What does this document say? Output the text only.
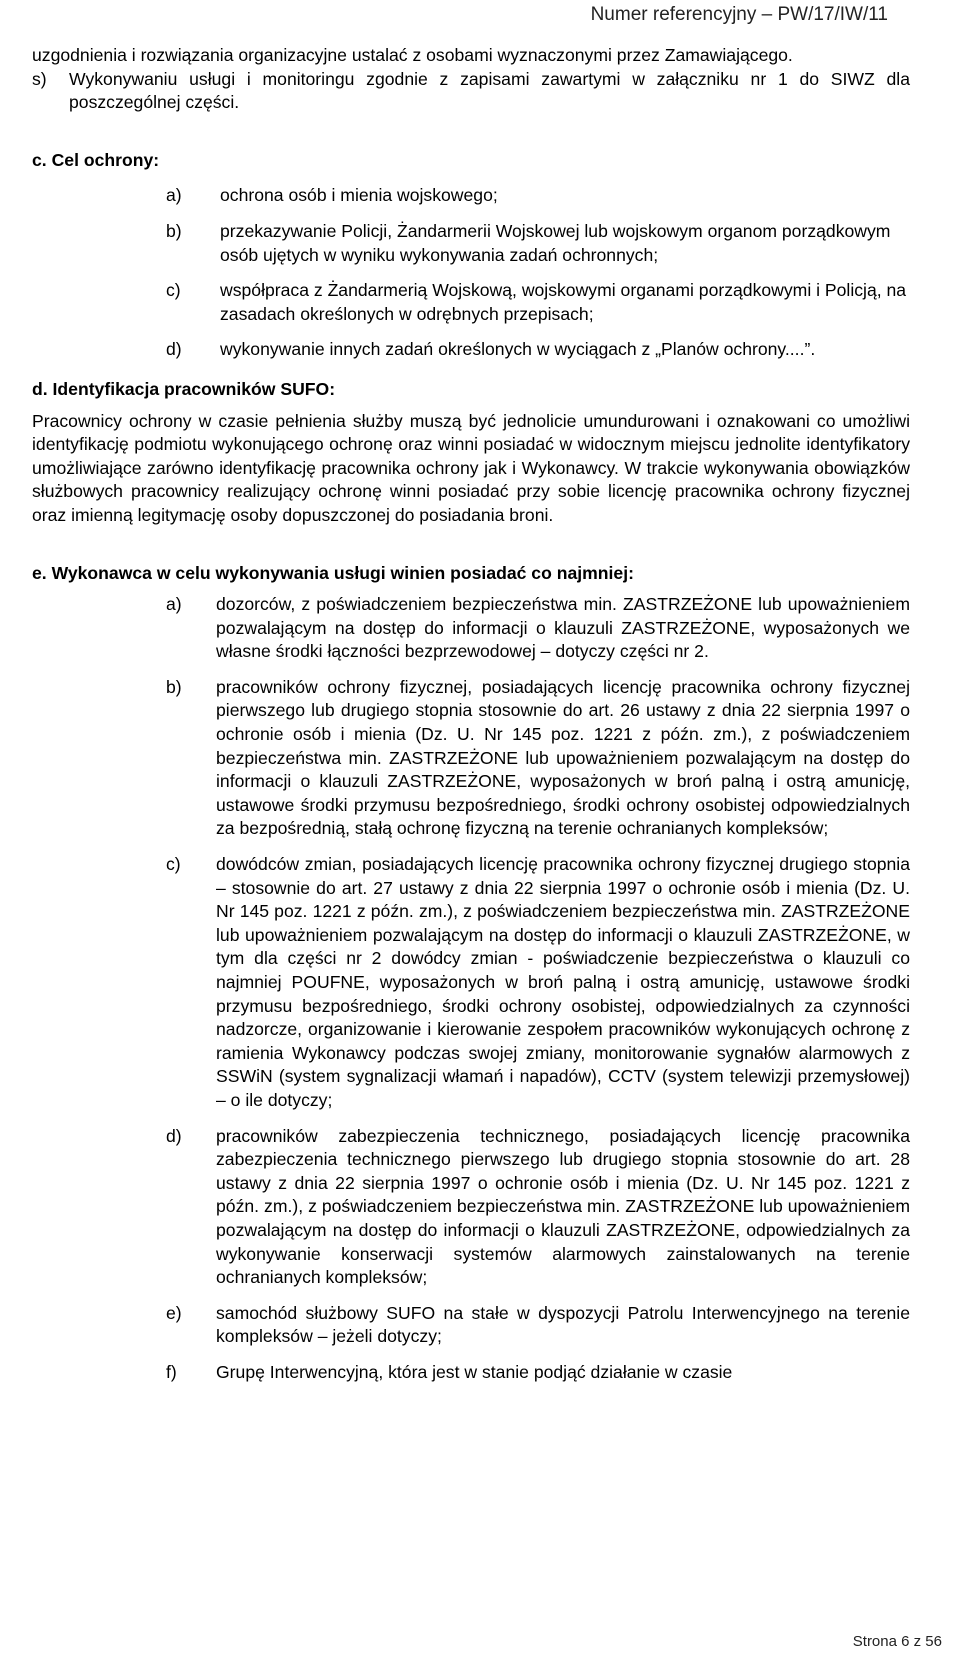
Numer referencyjny – PW/17/IW/11

uzgodnienia i rozwiązania organizacyjne ustalać z osobami wyznaczonymi przez Zamawiającego.

s)	Wykonywaniu usługi i monitoringu zgodnie z zapisami zawartymi w załączniku nr 1 do SIWZ dla poszczególnej części.
c. Cel ochrony:
a)	ochrona osób i mienia wojskowego;
b)	przekazywanie Policji, Żandarmerii Wojskowej lub wojskowym organom porządkowym osób ujętych w wyniku wykonywania zadań ochronnych;
c)	współpraca z Żandarmerią Wojskową, wojskowymi organami porządkowymi i Policją, na zasadach określonych w odrębnych przepisach;
d)	wykonywanie innych zadań określonych w wyciągach z „Planów ochrony....”.
d. Identyfikacja pracowników SUFO:

Pracownicy ochrony w czasie pełnienia służby muszą być jednolicie umundurowani i oznakowani co umożliwi identyfikację podmiotu wykonującego ochronę oraz winni posiadać w widocznym miejscu jednolite identyfikatory umożliwiające zarówno identyfikację pracownika ochrony jak i Wykonawcy. W trakcie wykonywania obowiązków służbowych pracownicy realizujący ochronę winni posiadać przy sobie licencję pracownika ochrony fizycznej oraz imienną legitymację osoby dopuszczonej do posiadania broni.

e. Wykonawca w celu wykonywania usługi winien posiadać co najmniej:
a)	dozorców, z poświadczeniem bezpieczeństwa min. ZASTRZEŻONE lub upoważnieniem pozwalającym na dostęp do informacji o klauzuli ZASTRZEŻONE, wyposażonych we własne środki łączności bezprzewodowej – dotyczy części nr 2.
b)	pracowników ochrony fizycznej, posiadających licencję pracownika ochrony fizycznej pierwszego lub drugiego stopnia stosownie do art. 26 ustawy z dnia 22 sierpnia 1997 o ochronie osób i mienia (Dz. U. Nr 145 poz. 1221 z późn. zm.), z poświadczeniem bezpieczeństwa min. ZASTRZEŻONE lub upoważnieniem pozwalającym na dostęp do informacji o klauzuli ZASTRZEŻONE, wyposażonych w broń palną i ostrą amunicję, ustawowe środki przymusu bezpośredniego, środki ochrony osobistej odpowiedzialnych za bezpośrednią, stałą ochronę fizyczną na terenie ochranianych kompleksów;
c)	dowódców zmian, posiadających licencję pracownika ochrony fizycznej drugiego stopnia – stosownie do art. 27 ustawy z dnia 22 sierpnia 1997 o ochronie osób i mienia (Dz. U. Nr 145 poz. 1221 z późn. zm.), z poświadczeniem bezpieczeństwa min. ZASTRZEŻONE lub upoważnieniem pozwalającym na dostęp do informacji o klauzuli ZASTRZEŻONE, w tym dla części nr 2 dowódcy zmian - poświadczenie bezpieczeństwa o klauzuli co najmniej POUFNE, wyposażonych w broń palną i ostrą amunicję, ustawowe środki przymusu bezpośredniego, środki ochrony osobistej, odpowiedzialnych za czynności nadzorcze, organizowanie i kierowanie zespołem pracowników wykonujących ochronę z ramienia Wykonawcy podczas swojej zmiany, monitorowanie sygnałów alarmowych z SSWiN (system sygnalizacji włamań i napadów), CCTV (system telewizji przemysłowej) – o ile dotyczy;
d)	pracowników zabezpieczenia technicznego, posiadających licencję pracownika zabezpieczenia technicznego pierwszego lub drugiego stopnia stosownie do art. 28 ustawy z dnia 22 sierpnia 1997 o ochronie osób i mienia (Dz. U. Nr 145 poz. 1221 z późn. zm.), z poświadczeniem bezpieczeństwa min. ZASTRZEŻONE lub upoważnieniem pozwalającym na dostęp do informacji o klauzuli ZASTRZEŻONE, odpowiedzialnych za wykonywanie konserwacji systemów alarmowych zainstalowanych na terenie ochranianych kompleksów;
e)	samochód służbowy SUFO na stałe w dyspozycji Patrolu Interwencyjnego na terenie kompleksów – jeżeli dotyczy;
f)	Grupę Interwencyjną, która jest w stanie podjąć działanie w czasie
Strona 6 z 56
